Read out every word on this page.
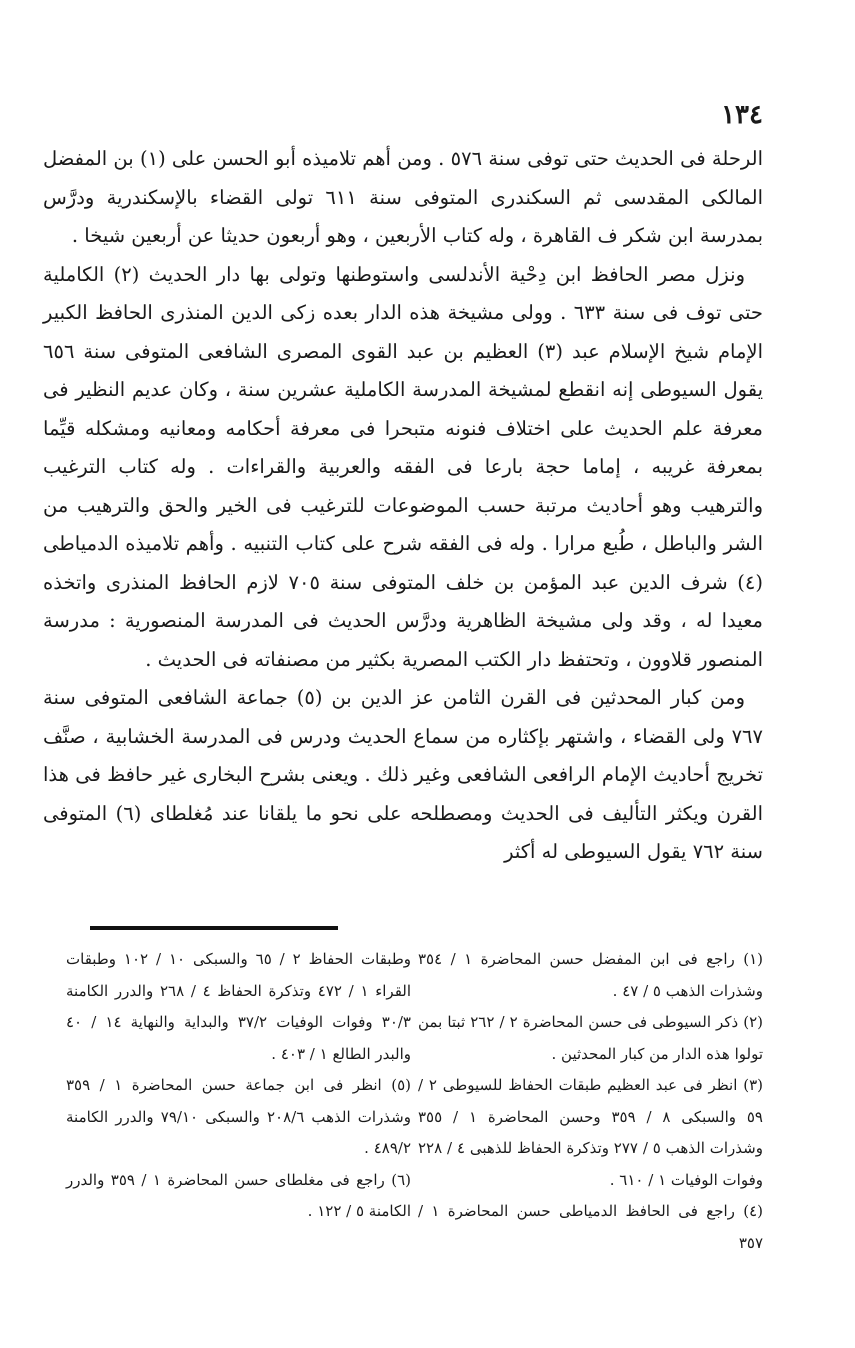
١٣٤

الرحلة فى الحديث حتى توفى سنة ٥٧٦ . ومن أهم تلاميذه أبو الحسن على (١) بن المفضل المالكى المقدسى ثم السكندرى المتوفى سنة ٦١١ تولى القضاء بالإسكندرية ودرَّس بمدرسة ابن شكر ف القاهرة ، وله كتاب الأربعين ، وهو أربعون حديثا عن أربعين شيخا .

ونزل مصر الحافظ ابن دِحْية الأندلسى واستوطنها وتولى بها دار الحديث (٢) الكاملية حتى توف فى سنة ٦٣٣ . وولى مشيخة هذه الدار بعده زكى الدين المنذرى الحافظ الكبير الإمام شيخ الإسلام عبد (٣) العظيم بن عبد القوى المصرى الشافعى المتوفى سنة ٦٥٦ يقول السيوطى إنه انقطع لمشيخة المدرسة الكاملية عشرين سنة ، وكان عديم النظير فى معرفة علم الحديث على اختلاف فنونه متبحرا فى معرفة أحكامه ومعانيه ومشكله قيِّما بمعرفة غريبه ، إماما حجة بارعا فى الفقه والعربية والقراءات . وله كتاب الترغيب والترهيب وهو أحاديث مرتبة حسب الموضوعات للترغيب فى الخير والحق والترهيب من الشر والباطل ، طُبع مرارا . وله فى الفقه شرح على كتاب التنبيه . وأهم تلاميذه الدمياطى (٤) شرف الدين عبد المؤمن بن خلف المتوفى سنة ٧٠٥ لازم الحافظ المنذرى واتخذه معيدا له ، وقد ولى مشيخة الظاهرية ودرَّس الحديث فى المدرسة المنصورية : مدرسة المنصور قلاوون ، وتحتفظ دار الكتب المصرية بكثير من مصنفاته فى الحديث .

ومن كبار المحدثين فى القرن الثامن عز الدين بن (٥) جماعة الشافعى المتوفى سنة ٧٦٧ ولى القضاء ، واشتهر بإكثاره من سماع الحديث ودرس فى المدرسة الخشابية ، صنَّف تخريج أحاديث الإمام الرافعى الشافعى وغير ذلك . ويعنى بشرح البخارى غير حافظ فى هذا القرن ويكثر التأليف فى الحديث ومصطلحه على نحو ما يلقانا عند مُغلطاى (٦) المتوفى سنة ٧٦٢ يقول السيوطى له أكثر

(١) راجع فى ابن المفضل حسن المحاضرة ١ / ٣٥٤ وشذرات الذهب ٥ / ٤٧ .

(٢) ذكر السيوطى فى حسن المحاضرة ٢ / ٢٦٢ ثبتا بمن تولوا هذه الدار من كبار المحدثين .

(٣) انظر فى عبد العظيم طبقات الحفاظ للسيوطى ٢ / ٥٩ والسبكى ٨ / ٣٥٩ وحسن المحاضرة ١ / ٣٥٥ وشذرات الذهب ٥ / ٢٧٧ وتذكرة الحفاظ للذهبى ٤ / ٢٢٨ وفوات الوفيات ١ / ٦١٠ .

(٤) راجع فى الحافظ الدمياطى حسن المحاضرة ١ / ٣٥٧

وطبقات الحفاظ ٢ / ٦٥ والسبكى ١٠ / ١٠٢ وطبقات القراء ١ / ٤٧٢ وتذكرة الحفاظ ٤ / ٢٦٨ والدرر الكامنة ٣٠/٣ وفوات الوفيات ٣٧/٢ والبداية والنهاية ١٤ / ٤٠ والبدر الطالع ١ / ٤٠٣ .

(٥) انظر فى ابن جماعة حسن المحاضرة ١ / ٣٥٩ وشذرات الذهب ٢٠٨/٦ والسبكى ٧٩/١٠ والدرر الكامنة ٤٨٩/٢ .

(٦) راجع فى مغلطاى حسن المحاضرة ١ / ٣٥٩ والدرر الكامنة ٥ / ١٢٢ .
